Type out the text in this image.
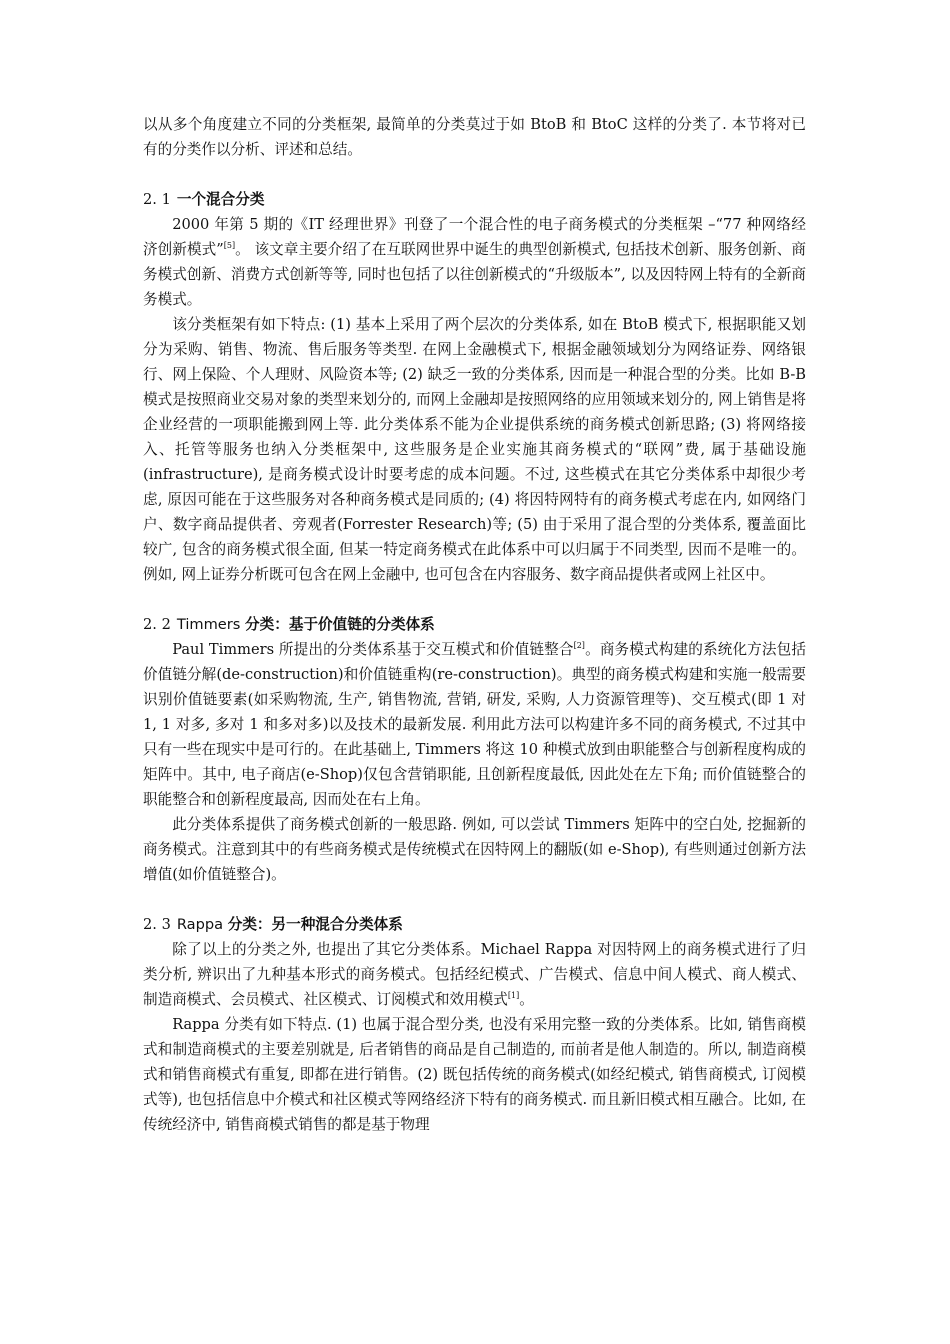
以从多个角度建立不同的分类框架, 最简单的分类莫过于如 BtoB 和 BtoC 这样的分类了. 本节将对已有的分类作以分析、评述和总结。

2. 1 一个混合分类

2000 年第 5 期的《IT 经理世界》刊登了一个混合性的电子商务模式的分类框架 –“77 种网络经济创新模式”[5]。 该文章主要介绍了在互联网世界中诞生的典型创新模式, 包括技术创新、服务创新、商务模式创新、消费方式创新等等, 同时也包括了以往创新模式的“升级版本”, 以及因特网上特有的全新商务模式。

该分类框架有如下特点: (1) 基本上采用了两个层次的分类体系, 如在 BtoB 模式下, 根据职能又划分为采购、销售、物流、售后服务等类型. 在网上金融模式下, 根据金融领域划分为网络证券、网络银行、网上保险、个人理财、风险资本等; (2) 缺乏一致的分类体系, 因而是一种混合型的分类。比如 B-B 模式是按照商业交易对象的类型来划分的, 而网上金融却是按照网络的应用领域来划分的, 网上销售是将企业经营的一项职能搬到网上等. 此分类体系不能为企业提供系统的商务模式创新思路; (3) 将网络接入、托管等服务也纳入分类框架中, 这些服务是企业实施其商务模式的“联网”费, 属于基础设施(infrastructure), 是商务模式设计时要考虑的成本问题。不过, 这些模式在其它分类体系中却很少考虑, 原因可能在于这些服务对各种商务模式是同质的; (4) 将因特网特有的商务模式考虑在内, 如网络门户、数字商品提供者、旁观者(Forrester Research)等; (5) 由于采用了混合型的分类体系, 覆盖面比较广, 包含的商务模式很全面, 但某一特定商务模式在此体系中可以归属于不同类型, 因而不是唯一的。例如, 网上证券分析既可包含在网上金融中, 也可包含在内容服务、数字商品提供者或网上社区中。

2. 2 Timmers 分类：基于价值链的分类体系

Paul Timmers 所提出的分类体系基于交互模式和价值链整合[2]。商务模式构建的系统化方法包括价值链分解(de-construction)和价值链重构(re-construction)。典型的商务模式构建和实施一般需要识别价值链要素(如采购物流, 生产, 销售物流, 营销, 研发, 采购, 人力资源管理等)、交互模式(即 1 对 1, 1 对多, 多对 1 和多对多)以及技术的最新发展. 利用此方法可以构建许多不同的商务模式, 不过其中只有一些在现实中是可行的。在此基础上, Timmers 将这 10 种模式放到由职能整合与创新程度构成的矩阵中。其中, 电子商店(e-Shop)仅包含营销职能, 且创新程度最低, 因此处在左下角; 而价值链整合的职能整合和创新程度最高, 因而处在右上角。

此分类体系提供了商务模式创新的一般思路. 例如, 可以尝试 Timmers 矩阵中的空白处, 挖掘新的商务模式。注意到其中的有些商务模式是传统模式在因特网上的翻版(如 e-Shop), 有些则通过创新方法增值(如价值链整合)。

2. 3 Rappa 分类：另一种混合分类体系

除了以上的分类之外, 也提出了其它分类体系。Michael Rappa 对因特网上的商务模式进行了归类分析, 辨识出了九种基本形式的商务模式。包括经纪模式、广告模式、信息中间人模式、商人模式、制造商模式、会员模式、社区模式、订阅模式和效用模式[1]。

Rappa 分类有如下特点. (1) 也属于混合型分类, 也没有采用完整一致的分类体系。比如, 销售商模式和制造商模式的主要差别就是, 后者销售的商品是自己制造的, 而前者是他人制造的。所以, 制造商模式和销售商模式有重复, 即都在进行销售。(2) 既包括传统的商务模式(如经纪模式, 销售商模式, 订阅模式等), 也包括信息中介模式和社区模式等网络经济下特有的商务模式. 而且新旧模式相互融合。比如, 在传统经济中, 销售商模式销售的都是基于物理
